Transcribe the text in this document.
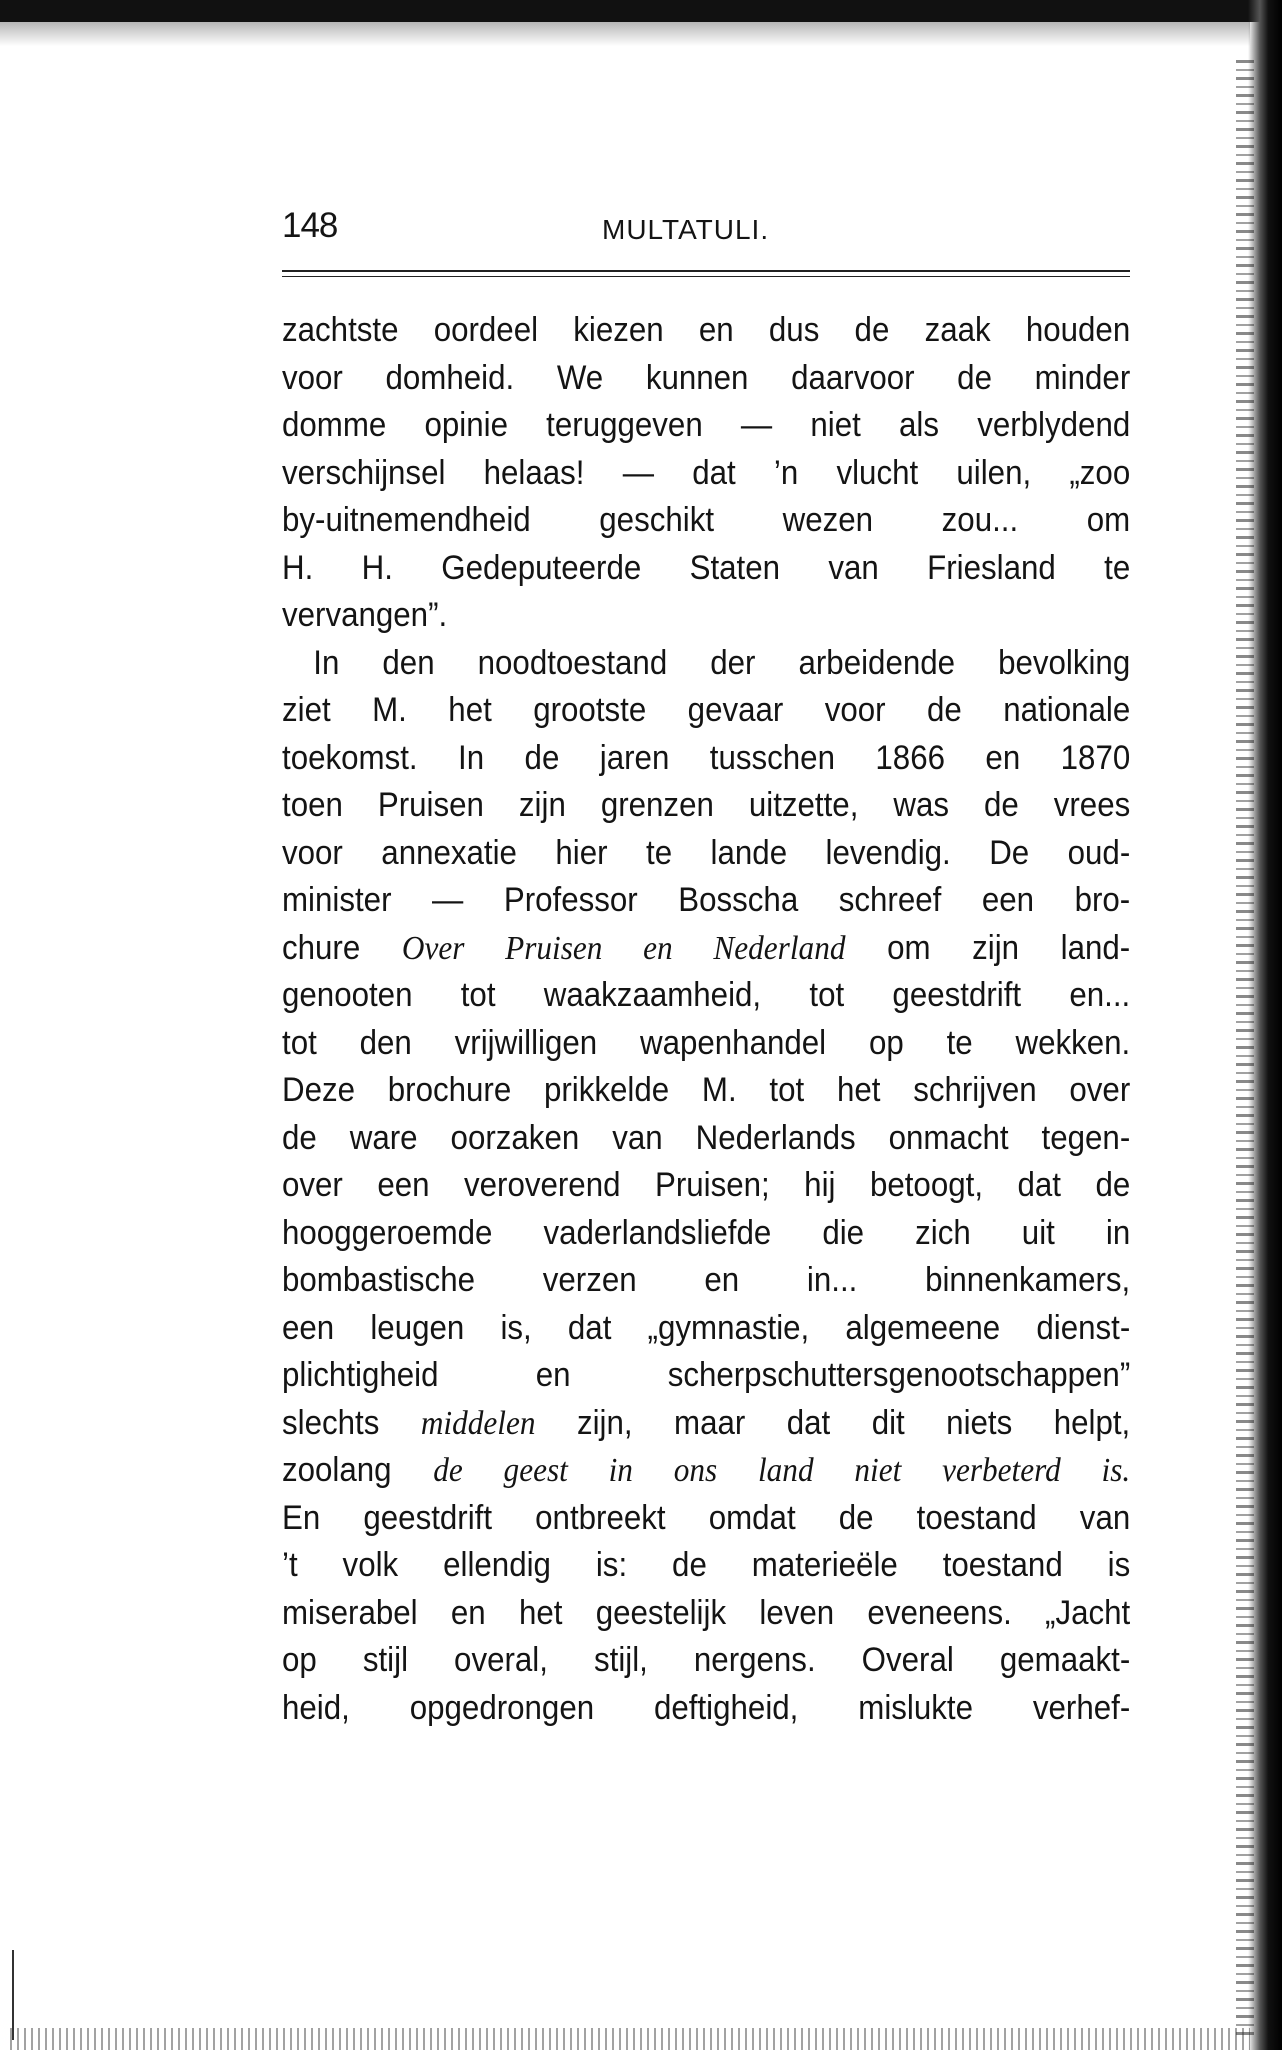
148	MULTATULI.
zachtste oordeel kiezen en dus de zaak houden
voor domheid. We kunnen daarvoor de minder
domme opinie teruggeven — niet als verblydend
verschijnsel helaas! — dat ’n vlucht uilen, „zoo
by-uitnemendheid geschikt wezen zou... om
H. H. Gedeputeerde Staten van Friesland te
vervangen”.
In den noodtoestand der arbeidende bevolking
ziet M. het grootste gevaar voor de nationale
toekomst. In de jaren tusschen 1866 en 1870
toen Pruisen zijn grenzen uitzette, was de vrees
voor annexatie hier te lande levendig. De oud-
minister — Professor Bosscha schreef een bro-
chure Over Pruisen en Nederland om zijn land-
genooten tot waakzaamheid, tot geestdrift en...
tot den vrijwilligen wapenhandel op te wekken.
Deze brochure prikkelde M. tot het schrijven over
de ware oorzaken van Nederlands onmacht tegen-
over een veroverend Pruisen; hij betoogt, dat de
hooggeroemde vaderlandsliefde die zich uit in
bombastische verzen en in... binnenkamers,
een leugen is, dat „gymnastie, algemeene dienst-
plichtigheid en scherpschuttersgenootschappen”
slechts middelen zijn, maar dat dit niets helpt,
zoolang de geest in ons land niet verbeterd is.
En geestdrift ontbreekt omdat de toestand van
’t volk ellendig is: de materieële toestand is
miserabel en het geestelijk leven eveneens. „Jacht
op stijl overal, stijl, nergens. Overal gemaakt-
heid, opgedrongen deftigheid, mislukte verhef-
